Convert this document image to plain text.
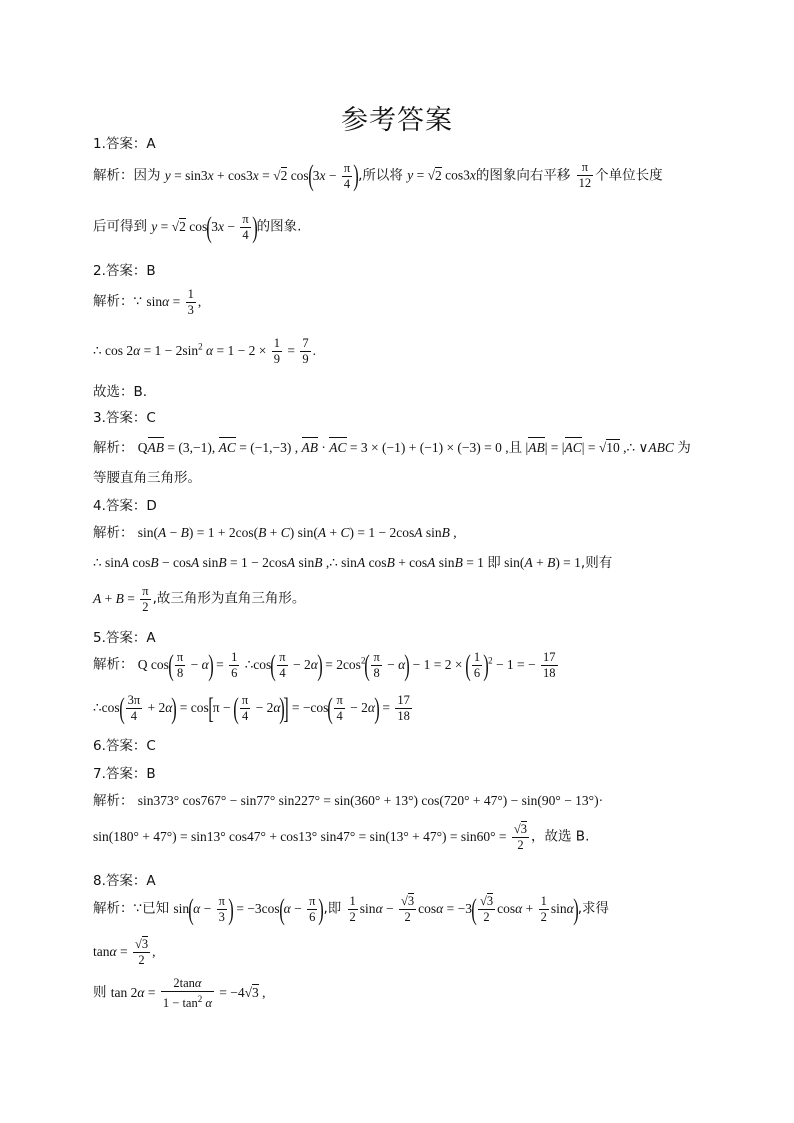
参考答案
1.答案：A
解析：因为 y = sin3x + cos3x = √2 $\cos(3x - \frac{\pi}{4}$ ),所以将 y = √2 cos3x的图象向右平移 $\frac{\pi}{12}$ 个单位长度
后可得到 y = √2 $\cos(3x - \frac{\pi}{4}$ )的图象.
2.答案：B
解析：∵ $\sin\alpha = \frac{1}{3}$ ,
∴ $\cos 2\alpha = 1 - 2\sin^2$ $\alpha = 1 - 2 \times \frac{1}{9} = \frac{7}{9}$ .
故选：B.
3.答案：C
解析： QAB = (3,−1), AC = (−1,−3) , AB · AC = 3 × (−1) + (−1) × (−3) = 0 ,且 |AB| = |AC| = √10 ,∴ ∨ABC 为
等腰直角三角形。
4.答案：D
解析： sin(A − B) = 1 + 2cos(B + C) sin(A + C) = 1 − 2cosA sinB ,
∴ sinA cosB − cosA sinB = 1 − 2cosA sinB ,∴ sinA cosB + cosA sinB = 1 即 sin(A + B) = 1,则有
$A + B = \frac{\pi}{2}$ ,故三角形为直角三角形。
5.答案：A
解析： Q $\cos( \frac{\pi}{8} - \alpha) = \frac{1}{6}$ ∴cos( $\frac{\pi}{4} - 2\alpha) = 2\cos^2( \frac{\pi}{8} - \alpha) - 1 = 2$ × ( $\frac{1}{6} )^2 - 1$ = − $\frac{17}{18}$
∴cos( $\frac{3\pi}{4} + 2\alpha) = \cos[\pi$ − ( $\frac{\pi}{4} - 2\alpha)] = -\cos( \frac{\pi}{4} - 2\alpha) = \frac{17}{18}$
6.答案：C
7.答案：B
解析： sin373° cos767° − sin77° sin227° = sin(360° + 13°) cos(720° + 47°) − sin(90° − 13°)·
sin(180° + 47°) = sin13° cos47° + cos13° $\sin 47^\circ = \sin(13^\circ + 47^\circ) = \sin 60^\circ = \frac{√3}{2}$ ，故选 B.
8.答案：A
解析：∵已知 $\sin(\alpha - \frac{\pi}{3}$ ) = $-3\cos(\alpha - \frac{\pi}{6}$ ),即 $\frac{1}{2}$ $\sin\alpha - \frac{√3}{2}$ $\cos\alpha = -3( \frac{√3}{2}$ $\cos\alpha + \frac{1}{2} \sin\alpha$),求得
$\tan\alpha = \frac{√3}{2}$ ,
则 $\tan 2\alpha = \frac{2\tan\alpha}{1 - \tan^2 \alpha} = -4√3$ ,
